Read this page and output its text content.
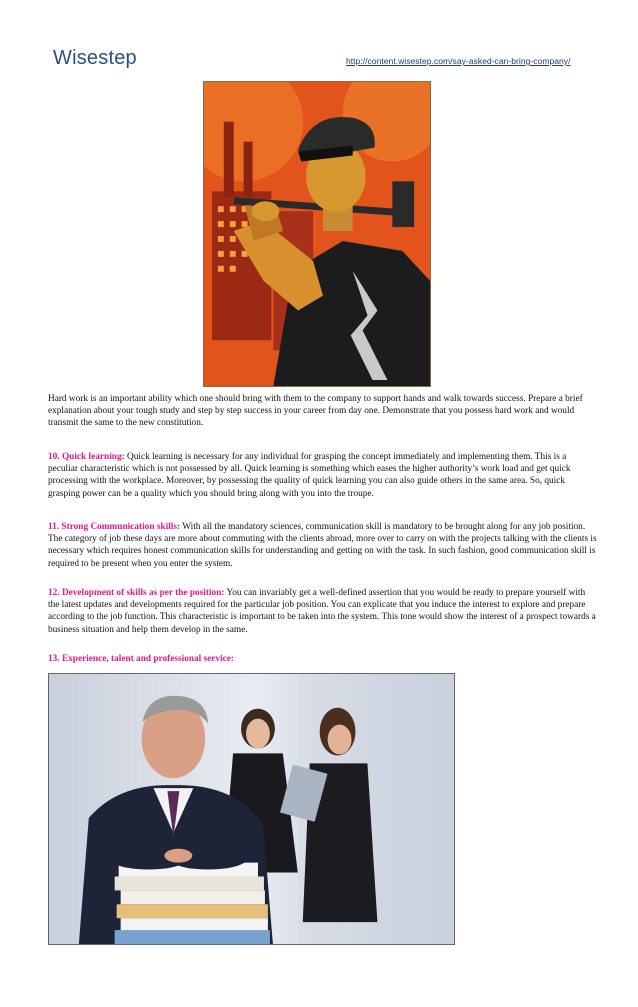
Wisestep	http://content.wisestep.com/say-asked-can-bring-company/

Hard work is an important ability which one should bring with them to the company to support hands and walk towards success. Prepare a brief explanation about your tough study and step by step success in your career from day one. Demonstrate that you possess hard work and would transmit the same to the new constitution.

10. Quick learning: Quick learning is necessary for any individual for grasping the concept immediately and implementing them. This is a peculiar characteristic which is not possessed by all. Quick learning is something which eases the higher authority’s work load and get quick processing with the workplace. Moreover, by possessing the quality of quick learning you can also guide others in the same area. So, quick grasping power can be a quality which you should bring along with you into the troupe.

11. Strong Communication skills: With all the mandatory sciences, communication skill is mandatory to be brought along for any job position. The category of job these days are more about commuting with the clients abroad, more over to carry on with the projects talking with the clients is necessary which requires honest communication skills for understanding and getting on with the task. In such fashion, good communication skill is required to be present when you enter the system.

12. Development of skills as per the position: You can invariably get a well-defined assertion that you would be ready to prepare yourself with the latest updates and developments required for the particular job position. You can explicate that you induce the interest to explore and prepare according to the job function. This characteristic is important to be taken into the system. This tone would show the interest of a prospect towards a business situation and help them develop in the same.

13. Experience, talent and professional service:
